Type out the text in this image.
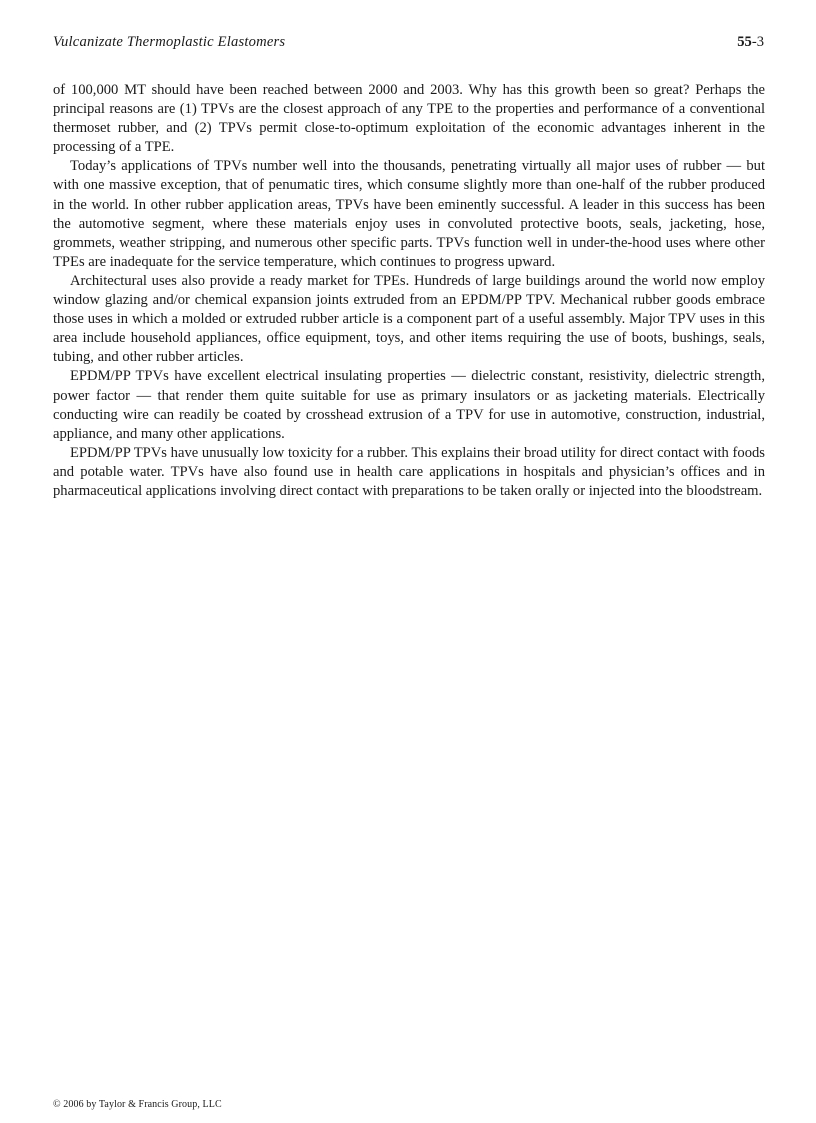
Vulcanizate Thermoplastic Elastomers	55-3

of 100,000 MT should have been reached between 2000 and 2003. Why has this growth been so great? Perhaps the principal reasons are (1) TPVs are the closest approach of any TPE to the properties and performance of a conventional thermoset rubber, and (2) TPVs permit close-to-optimum exploitation of the economic advantages inherent in the processing of a TPE.

Today’s applications of TPVs number well into the thousands, penetrating virtually all major uses of rubber — but with one massive exception, that of penumatic tires, which consume slightly more than one-half of the rubber produced in the world. In other rubber application areas, TPVs have been eminently successful. A leader in this success has been the automotive segment, where these materials enjoy uses in convoluted protective boots, seals, jacketing, hose, grommets, weather stripping, and numerous other specific parts. TPVs function well in under-the-hood uses where other TPEs are inadequate for the service temperature, which continues to progress upward.

Architectural uses also provide a ready market for TPEs. Hundreds of large buildings around the world now employ window glazing and/or chemical expansion joints extruded from an EPDM/PP TPV. Mechanical rubber goods embrace those uses in which a molded or extruded rubber article is a component part of a useful assembly. Major TPV uses in this area include household appliances, office equipment, toys, and other items requiring the use of boots, bushings, seals, tubing, and other rubber articles.

EPDM/PP TPVs have excellent electrical insulating properties — dielectric constant, resistivity, dielectric strength, power factor — that render them quite suitable for use as primary insulators or as jacketing materials. Electrically conducting wire can readily be coated by crosshead extrusion of a TPV for use in automotive, construction, industrial, appliance, and many other applications.

EPDM/PP TPVs have unusually low toxicity for a rubber. This explains their broad utility for direct contact with foods and potable water. TPVs have also found use in health care applications in hospitals and physician’s offices and in pharmaceutical applications involving direct contact with preparations to be taken orally or injected into the bloodstream.

© 2006 by Taylor & Francis Group, LLC
